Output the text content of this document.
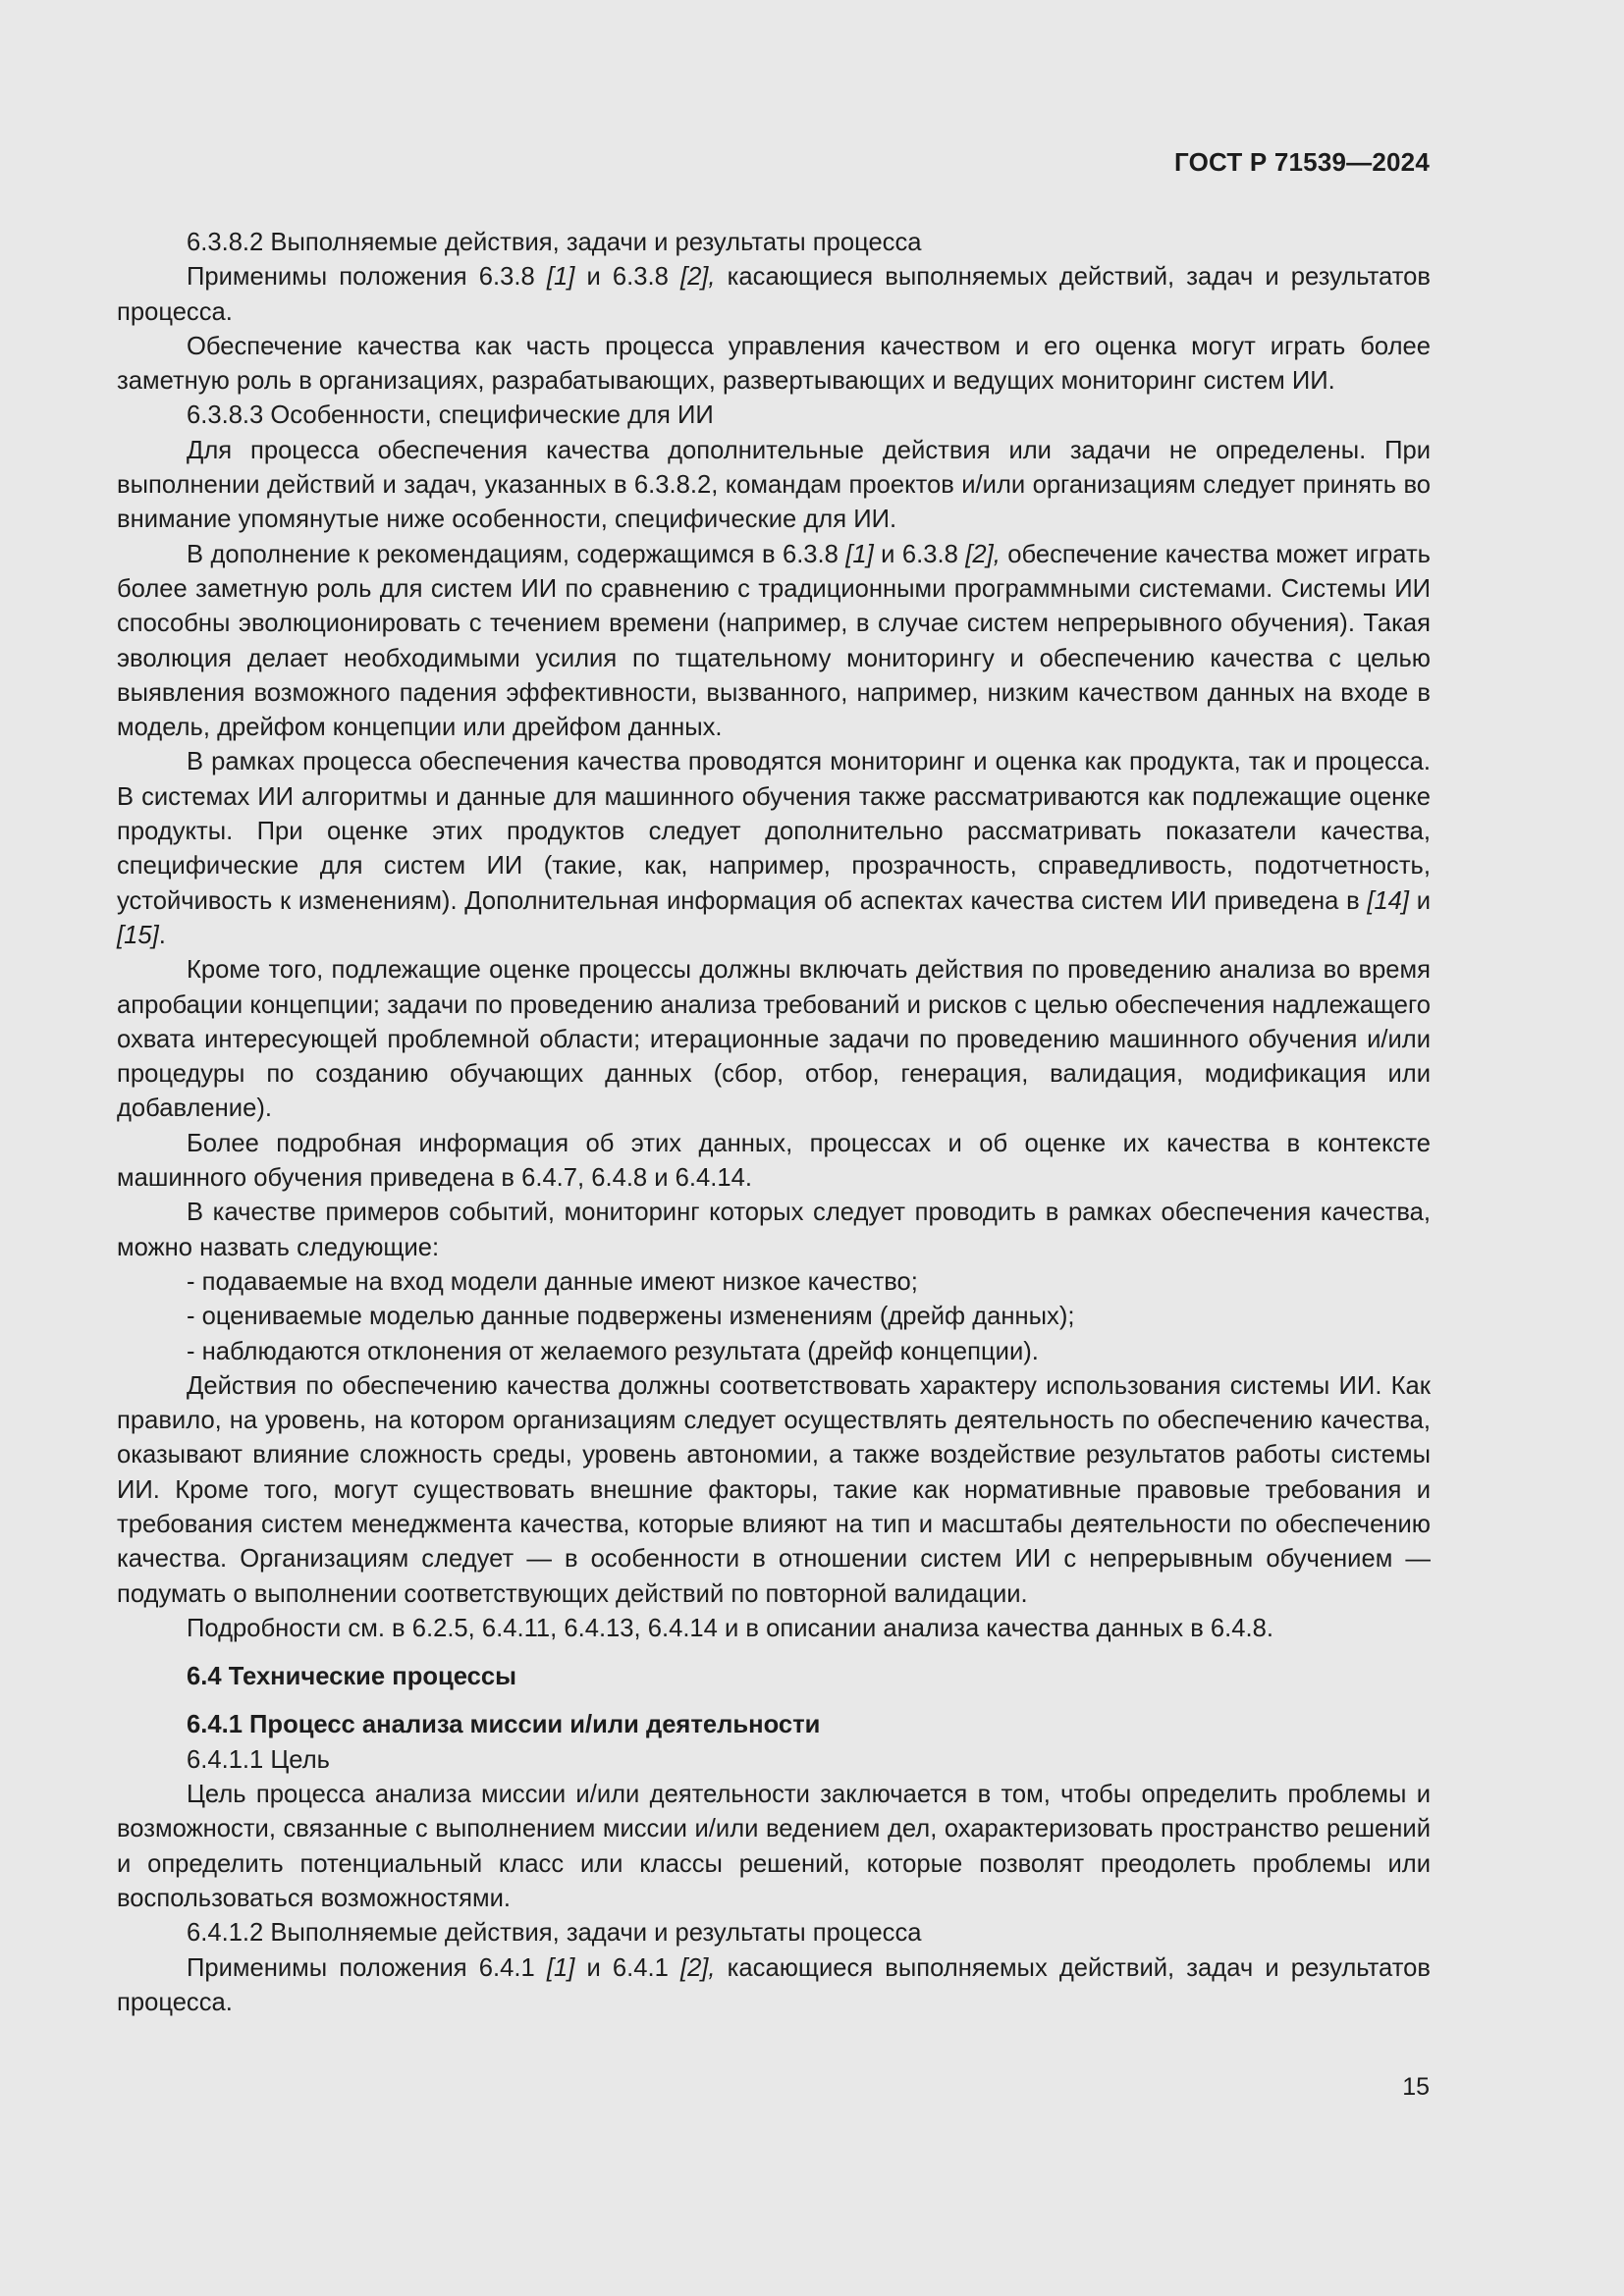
ГОСТ Р 71539—2024

6.3.8.2 Выполняемые действия, задачи и результаты процесса

Применимы положения 6.3.8 [1] и 6.3.8 [2], касающиеся выполняемых действий, задач и результатов процесса.

Обеспечение качества как часть процесса управления качеством и его оценка могут играть более заметную роль в организациях, разрабатывающих, развертывающих и ведущих мониторинг систем ИИ.

6.3.8.3 Особенности, специфические для ИИ

Для процесса обеспечения качества дополнительные действия или задачи не определены. При выполнении действий и задач, указанных в 6.3.8.2, командам проектов и/или организациям следует принять во внимание упомянутые ниже особенности, специфические для ИИ.

В дополнение к рекомендациям, содержащимся в 6.3.8 [1] и 6.3.8 [2], обеспечение качества может играть более заметную роль для систем ИИ по сравнению с традиционными программными системами. Системы ИИ способны эволюционировать с течением времени (например, в случае систем непрерывного обучения). Такая эволюция делает необходимыми усилия по тщательному мониторингу и обеспечению качества с целью выявления возможного падения эффективности, вызванного, например, низким качеством данных на входе в модель, дрейфом концепции или дрейфом данных.

В рамках процесса обеспечения качества проводятся мониторинг и оценка как продукта, так и процесса. В системах ИИ алгоритмы и данные для машинного обучения также рассматриваются как подлежащие оценке продукты. При оценке этих продуктов следует дополнительно рассматривать показатели качества, специфические для систем ИИ (такие, как, например, прозрачность, справедливость, подотчетность, устойчивость к изменениям). Дополнительная информация об аспектах качества систем ИИ приведена в [14] и [15].

Кроме того, подлежащие оценке процессы должны включать действия по проведению анализа во время апробации концепции; задачи по проведению анализа требований и рисков с целью обеспечения надлежащего охвата интересующей проблемной области; итерационные задачи по проведению машинного обучения и/или процедуры по созданию обучающих данных (сбор, отбор, генерация, валидация, модификация или добавление).

Более подробная информация об этих данных, процессах и об оценке их качества в контексте машинного обучения приведена в 6.4.7, 6.4.8 и 6.4.14.

В качестве примеров событий, мониторинг которых следует проводить в рамках обеспечения качества, можно назвать следующие:

- подаваемые на вход модели данные имеют низкое качество;

- оцениваемые моделью данные подвержены изменениям (дрейф данных);

- наблюдаются отклонения от желаемого результата (дрейф концепции).

Действия по обеспечению качества должны соответствовать характеру использования системы ИИ. Как правило, на уровень, на котором организациям следует осуществлять деятельность по обеспечению качества, оказывают влияние сложность среды, уровень автономии, а также воздействие результатов работы системы ИИ. Кроме того, могут существовать внешние факторы, такие как нормативные правовые требования и требования систем менеджмента качества, которые влияют на тип и масштабы деятельности по обеспечению качества. Организациям следует — в особенности в отношении систем ИИ с непрерывным обучением — подумать о выполнении соответствующих действий по повторной валидации.

Подробности см. в 6.2.5, 6.4.11, 6.4.13, 6.4.14 и в описании анализа качества данных в 6.4.8.

6.4 Технические процессы

6.4.1 Процесс анализа миссии и/или деятельности

6.4.1.1 Цель

Цель процесса анализа миссии и/или деятельности заключается в том, чтобы определить проблемы и возможности, связанные с выполнением миссии и/или ведением дел, охарактеризовать пространство решений и определить потенциальный класс или классы решений, которые позволят преодолеть проблемы или воспользоваться возможностями.

6.4.1.2 Выполняемые действия, задачи и результаты процесса

Применимы положения 6.4.1 [1] и 6.4.1 [2], касающиеся выполняемых действий, задач и результатов процесса.

15
